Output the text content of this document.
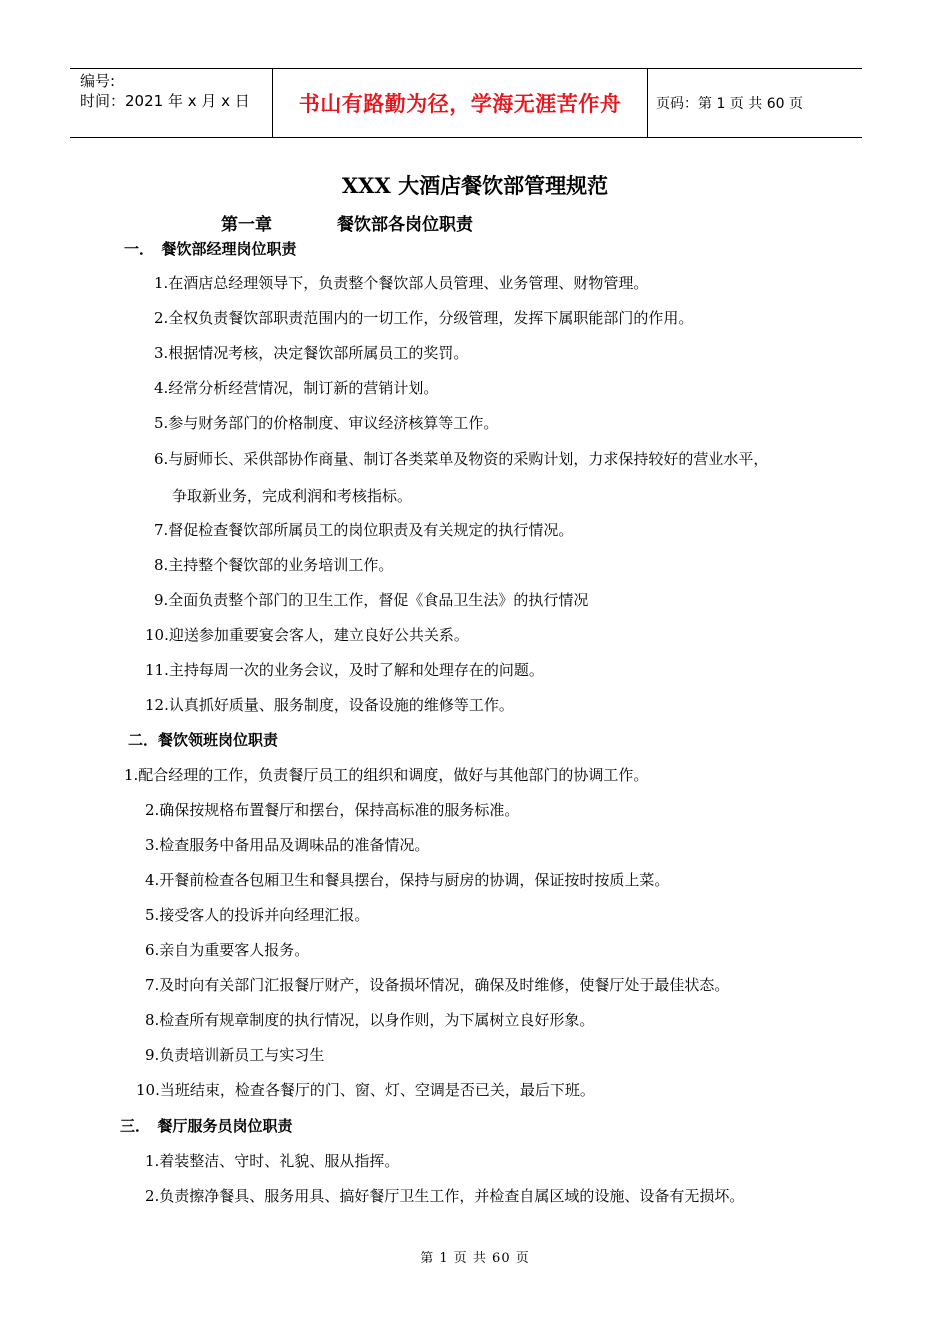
编号:
时间：2021 年 x 月 x 日	书山有路勤为径，学海无涯苦作舟	页码：第 1 页 共 60 页
XXX 大酒店餐饮部管理规范
第一章	餐饮部各岗位职责
一．　餐饮部经理岗位职责
1.在酒店总经理领导下，负责整个餐饮部人员管理、业务管理、财物管理。
2.全权负责餐饮部职责范围内的一切工作，分级管理，发挥下属职能部门的作用。
3.根据情况考核，决定餐饮部所属员工的奖罚。
4.经常分析经营情况，制订新的营销计划。
5.参与财务部门的价格制度、审议经济核算等工作。
6.与厨师长、采供部协作商量、制订各类菜单及物资的采购计划，力求保持较好的营业水平，
争取新业务，完成利润和考核指标。
7.督促检查餐饮部所属员工的岗位职责及有关规定的执行情况。
8.主持整个餐饮部的业务培训工作。
9.全面负责整个部门的卫生工作，督促《食品卫生法》的执行情况
10.迎送参加重要宴会客人，建立良好公共关系。
11.主持每周一次的业务会议，及时了解和处理存在的问题。
12.认真抓好质量、服务制度，设备设施的维修等工作。
二．餐饮领班岗位职责
1.配合经理的工作，负责餐厅员工的组织和调度，做好与其他部门的协调工作。
2.确保按规格布置餐厅和摆台，保持高标准的服务标准。
3.检查服务中备用品及调味品的准备情况。
4.开餐前检查各包厢卫生和餐具摆台，保持与厨房的协调，保证按时按质上菜。
5.接受客人的投诉并向经理汇报。
6.亲自为重要客人报务。
7.及时向有关部门汇报餐厅财产，设备损坏情况，确保及时维修，使餐厅处于最佳状态。
8.检查所有规章制度的执行情况，以身作则，为下属树立良好形象。
9.负责培训新员工与实习生
10.当班结束，检查各餐厅的门、窗、灯、空调是否已关，最后下班。
三．　餐厅服务员岗位职责
1.着装整洁、守时、礼貌、服从指挥。
2.负责擦净餐具、服务用具、搞好餐厅卫生工作，并检查自属区域的设施、设备有无损坏。
第 1 页 共 60 页
